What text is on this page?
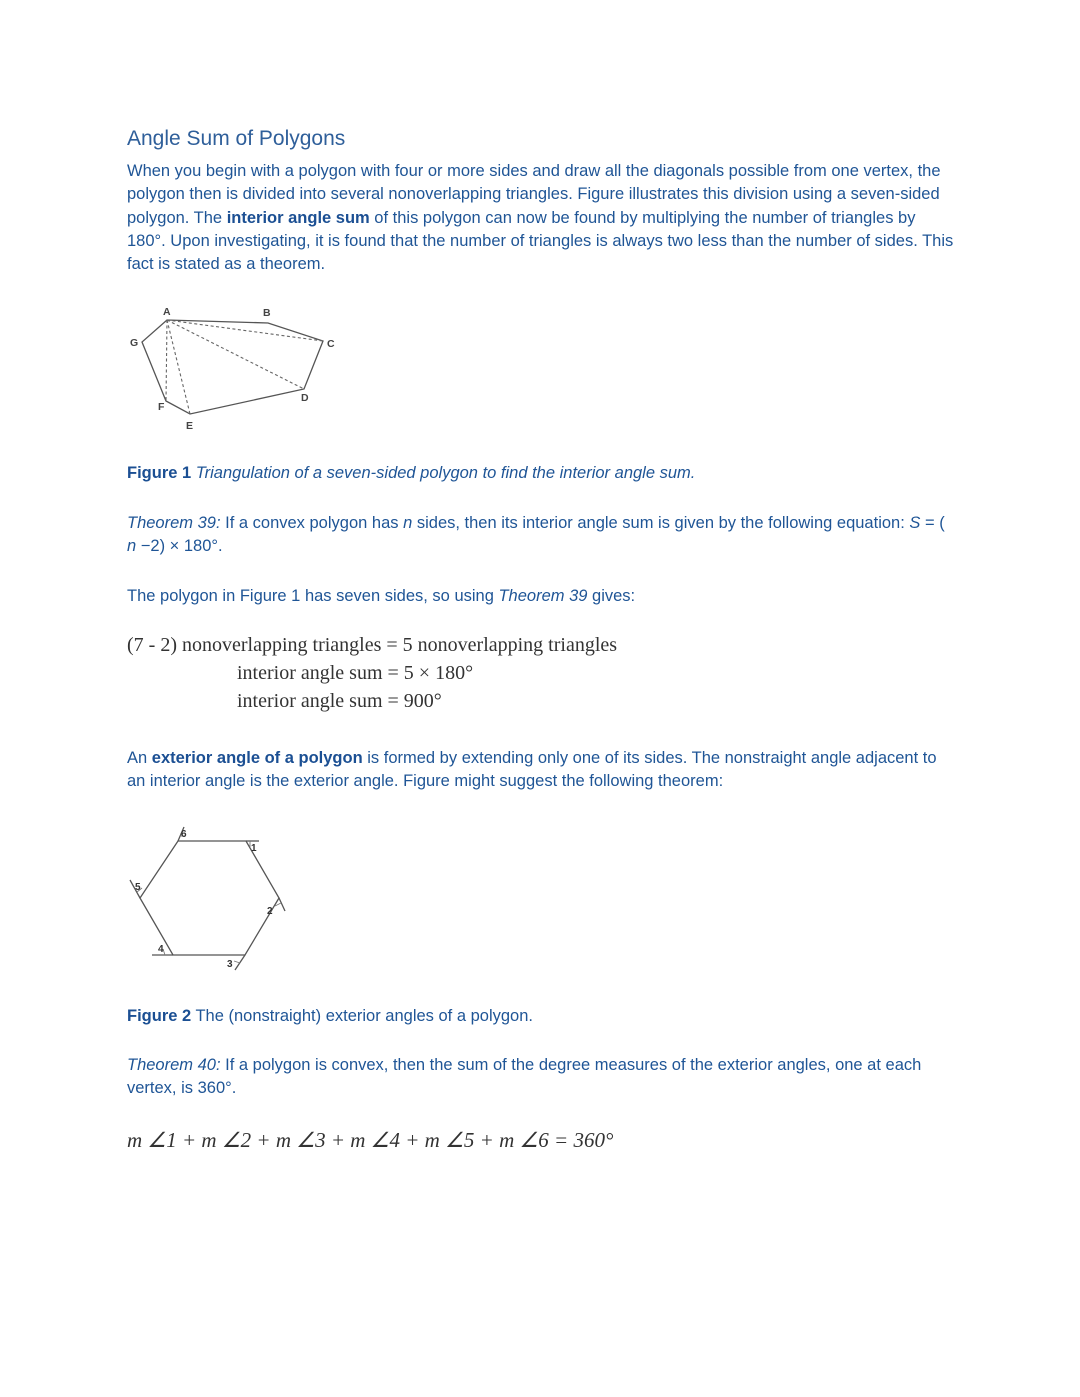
Angle Sum of Polygons
When you begin with a polygon with four or more sides and draw all the diagonals possible from one vertex, the polygon then is divided into several nonoverlapping triangles. Figure illustrates this division using a seven-sided polygon. The interior angle sum of this polygon can now be found by multiplying the number of triangles by 180°. Upon investigating, it is found that the number of triangles is always two less than the number of sides. This fact is stated as a theorem.
A	B
C
D
E
F
G
Figure 1 Triangulation of a seven-sided polygon to find the interior angle sum.
Theorem 39: If a convex polygon has n sides, then its interior angle sum is given by the following equation: S = ( n −2) × 180°.
The polygon in Figure 1 has seven sides, so using Theorem 39 gives:
(7 - 2) nonoverlapping triangles = 5 nonoverlapping triangles
interior angle sum = 5 × 180°
interior angle sum = 900°
An exterior angle of a polygon is formed by extending only one of its sides. The nonstraight angle adjacent to an interior angle is the exterior angle. Figure might suggest the following theorem:
1
2
3
4
5
6
Figure 2 The (nonstraight) exterior angles of a polygon.
Theorem 40: If a polygon is convex, then the sum of the degree measures of the exterior angles, one at each vertex, is 360°.
m ∠1 + m ∠2 + m ∠3 + m ∠4 + m ∠5 + m ∠6 = 360°
